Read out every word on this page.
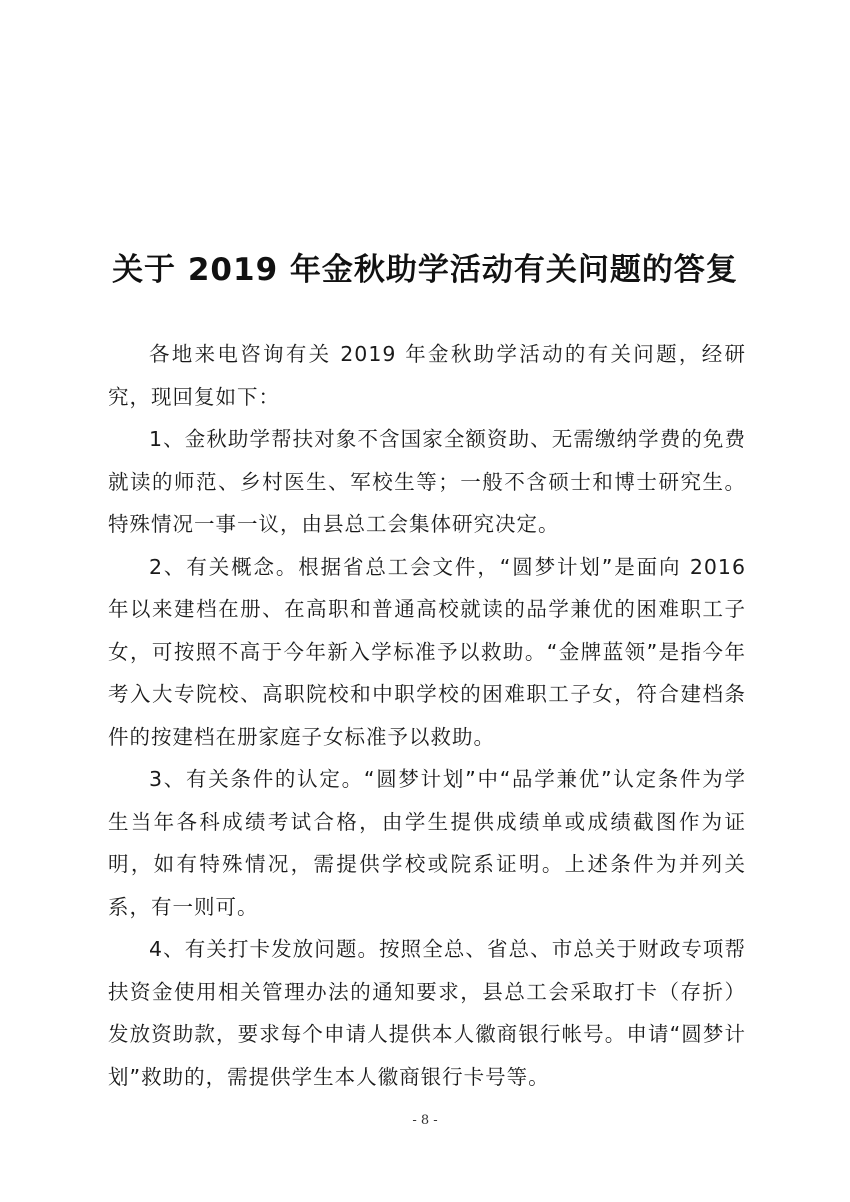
关于 2019 年金秋助学活动有关问题的答复

各地来电咨询有关 2019 年金秋助学活动的有关问题，经研究，现回复如下：

1、金秋助学帮扶对象不含国家全额资助、无需缴纳学费的免费就读的师范、乡村医生、军校生等；一般不含硕士和博士研究生。特殊情况一事一议，由县总工会集体研究决定。

2、有关概念。根据省总工会文件，“圆梦计划”是面向 2016 年以来建档在册、在高职和普通高校就读的品学兼优的困难职工子女，可按照不高于今年新入学标准予以救助。“金牌蓝领”是指今年考入大专院校、高职院校和中职学校的困难职工子女，符合建档条件的按建档在册家庭子女标准予以救助。

3、有关条件的认定。“圆梦计划”中“品学兼优”认定条件为学生当年各科成绩考试合格，由学生提供成绩单或成绩截图作为证明，如有特殊情况，需提供学校或院系证明。上述条件为并列关系，有一则可。

4、有关打卡发放问题。按照全总、省总、市总关于财政专项帮扶资金使用相关管理办法的通知要求，县总工会采取打卡（存折）发放资助款，要求每个申请人提供本人徽商银行帐号。申请“圆梦计划”救助的，需提供学生本人徽商银行卡号等。

- 8 -
